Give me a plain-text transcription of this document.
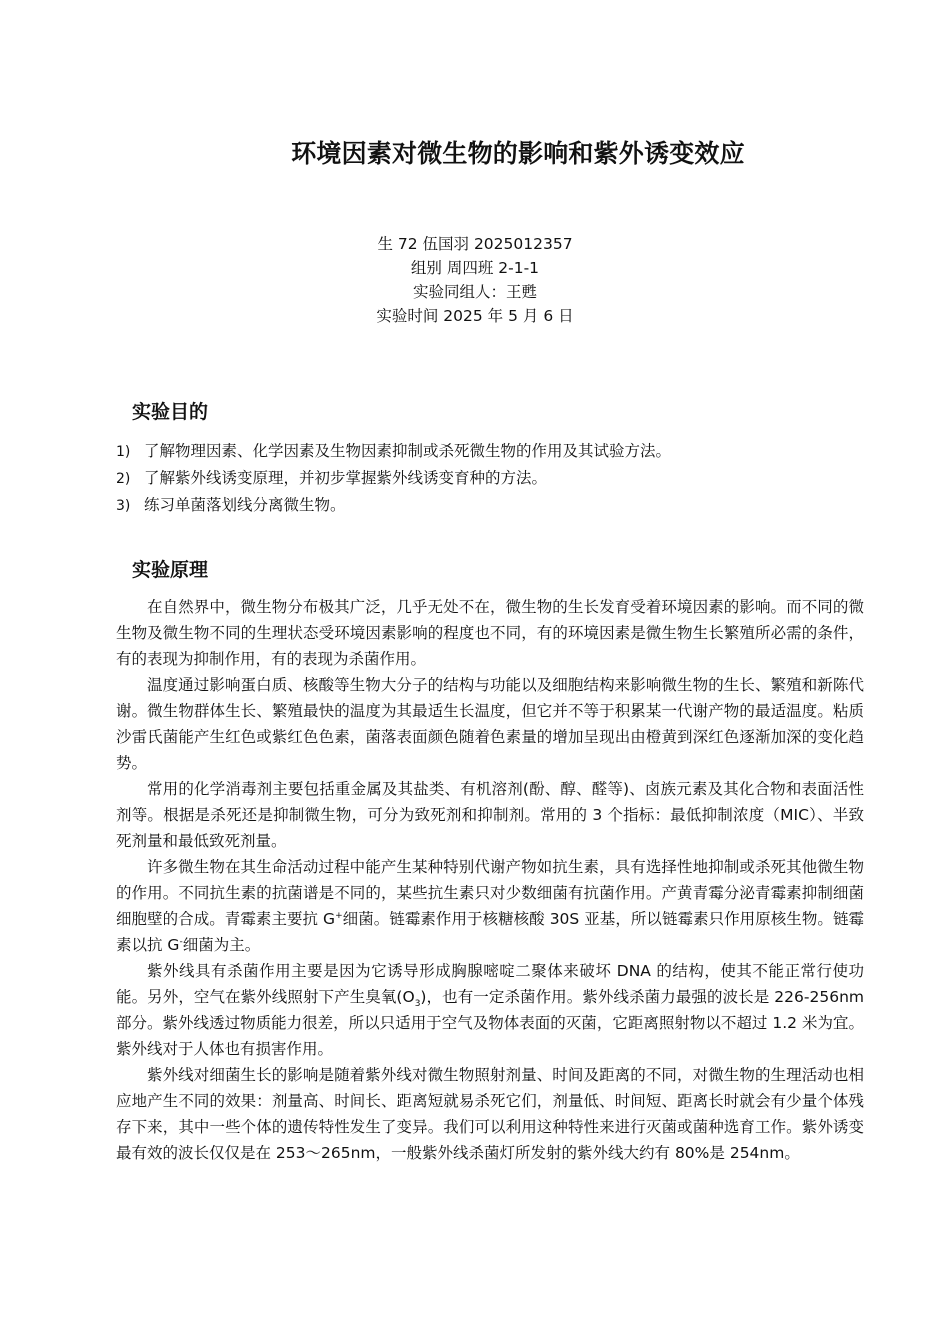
环境因素对微生物的影响和紫外诱变效应
生 72 伍国羽 2025012357
组别 周四班 2-1-1
实验同组人：王甦
实验时间 2025 年 5 月 6 日
实验目的
1) 了解物理因素、化学因素及生物因素抑制或杀死微生物的作用及其试验方法。
2) 了解紫外线诱变原理，并初步掌握紫外线诱变育种的方法。
3) 练习单菌落划线分离微生物。
实验原理

在自然界中，微生物分布极其广泛，几乎无处不在，微生物的生长发育受着环境因素的影响。而不同的微生物及微生物不同的生理状态受环境因素影响的程度也不同，有的环境因素是微生物生长繁殖所必需的条件，有的表现为抑制作用，有的表现为杀菌作用。

温度通过影响蛋白质、核酸等生物大分子的结构与功能以及细胞结构来影响微生物的生长、繁殖和新陈代谢。微生物群体生长、繁殖最快的温度为其最适生长温度，但它并不等于积累某一代谢产物的最适温度。粘质沙雷氏菌能产生红色或紫红色色素，菌落表面颜色随着色素量的增加呈现出由橙黄到深红色逐渐加深的变化趋势。

常用的化学消毒剂主要包括重金属及其盐类、有机溶剂(酚、醇、醛等)、卤族元素及其化合物和表面活性剂等。根据是杀死还是抑制微生物，可分为致死剂和抑制剂。常用的 3 个指标：最低抑制浓度（MIC）、半致死剂量和最低致死剂量。

许多微生物在其生命活动过程中能产生某种特别代谢产物如抗生素，具有选择性地抑制或杀死其他微生物的作用。不同抗生素的抗菌谱是不同的，某些抗生素只对少数细菌有抗菌作用。产黄青霉分泌青霉素抑制细菌细胞壁的合成。青霉素主要抗 G+细菌。链霉素作用于核糖核酸 30S 亚基，所以链霉素只作用原核生物。链霉素以抗 G-细菌为主。

紫外线具有杀菌作用主要是因为它诱导形成胸腺嘧啶二聚体来破坏 DNA 的结构，使其不能正常行使功能。另外，空气在紫外线照射下产生臭氧$(O_3)$，也有一定杀菌作用。紫外线杀菌力最强的波长是 226-256nm 部分。紫外线透过物质能力很差，所以只适用于空气及物体表面的灭菌，它距离照射物以不超过 1.2 米为宜。紫外线对于人体也有损害作用。

紫外线对细菌生长的影响是随着紫外线对微生物照射剂量、时间及距离的不同，对微生物的生理活动也相应地产生不同的效果：剂量高、时间长、距离短就易杀死它们，剂量低、时间短、距离长时就会有少量个体残存下来，其中一些个体的遗传特性发生了变异。我们可以利用这种特性来进行灭菌或菌种选育工作。紫外诱变最有效的波长仅仅是在 253～265nm，一般紫外线杀菌灯所发射的紫外线大约有 80%是 254nm。
